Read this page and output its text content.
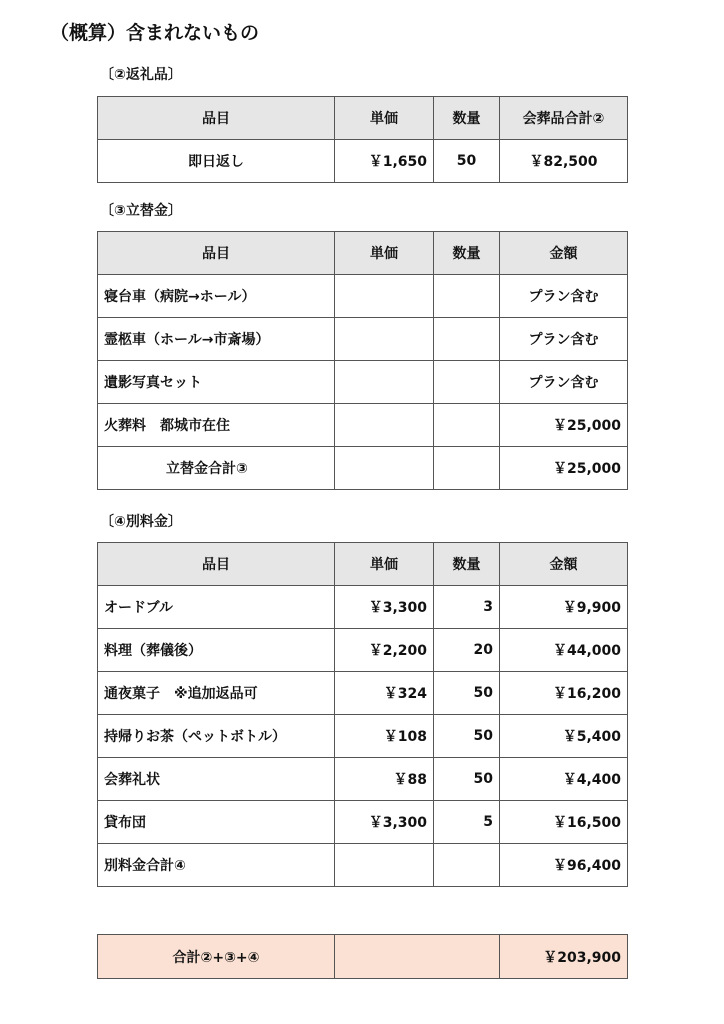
（概算）含まれないもの
〔②返礼品〕
品目	単価	数量	会葬品合計②
即日返し	￥1,650	50	￥82,500
〔③立替金〕
品目	単価	数量	金額
寝台車（病院→ホール）			プラン含む
霊柩車（ホール→市斎場）			プラン含む
遺影写真セット			プラン含む
火葬料　都城市在住			￥25,000
立替金合計③			￥25,000
〔④別料金〕
品目	単価	数量	金額
オードブル	￥3,300	3	￥9,900
料理（葬儀後）	￥2,200	20	￥44,000
通夜菓子　※追加返品可	￥324	50	￥16,200
持帰りお茶（ペットボトル）	￥108	50	￥5,400
会葬礼状	￥88	50	￥4,400
貸布団	￥3,300	5	￥16,500
別料金合計④			￥96,400
合計②+③+④		￥203,900
